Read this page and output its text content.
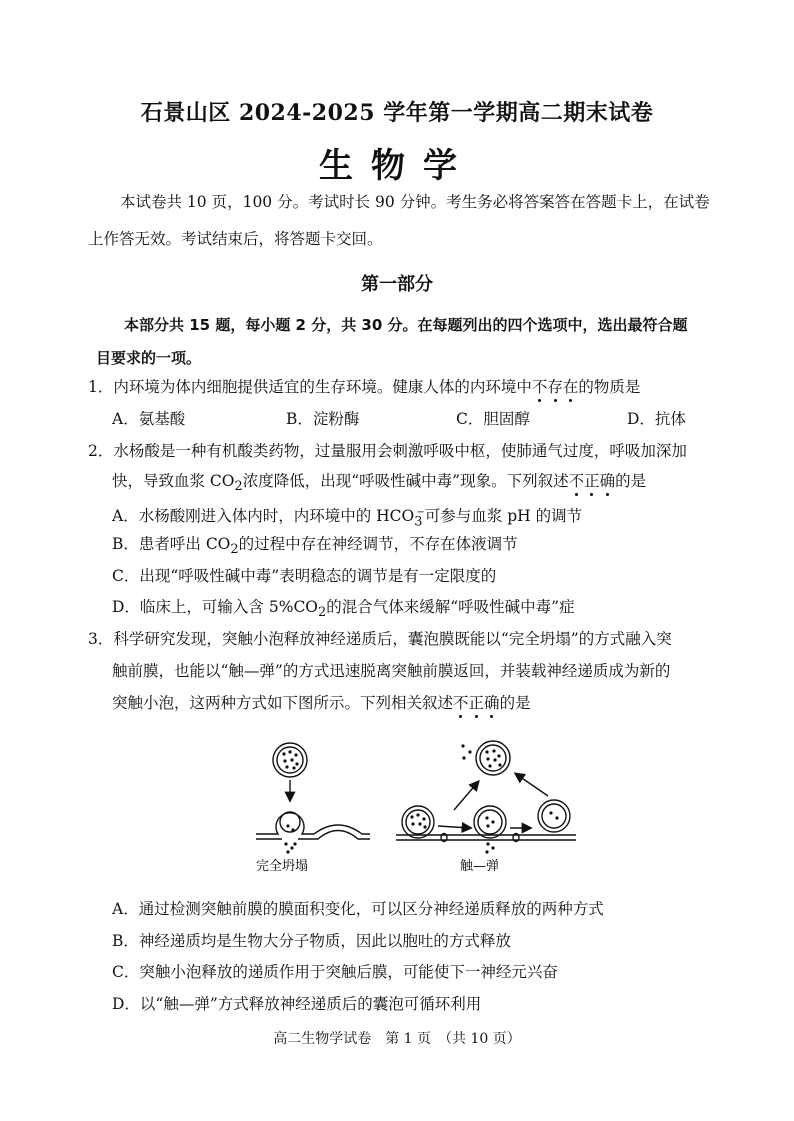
石景山区 2024-2025 学年第一学期高二期末试卷
生物学
本试卷共 10 页，100 分。考试时长 90 分钟。考生务必将答案答在答题卡上，在试卷
上作答无效。考试结束后，将答题卡交回。
第一部分
本部分共 15 题，每小题 2 分，共 30 分。在每题列出的四个选项中，选出最符合题
目要求的一项。
1．内环境为体内细胞提供适宜的生存环境。健康人体的内环境中不存在的物质是
A．氨基酸	B．淀粉酶	C．胆固醇	D．抗体
2．水杨酸是一种有机酸类药物，过量服用会刺激呼吸中枢，使肺通气过度，呼吸加深加
快，导致血浆 $CO_2$浓度降低，出现“呼吸性碱中毒”现象。下列叙述不正确的是
A．水杨酸刚进入体内时，内环境中的 $HCO_3^-$可参与血浆 pH 的调节
B．患者呼出 $CO_2$的过程中存在神经调节，不存在体液调节
C．出现“呼吸性碱中毒”表明稳态的调节是有一定限度的
D．临床上，可输入含 $5\%CO_2$的混合气体来缓解“呼吸性碱中毒”症
3．科学研究发现，突触小泡释放神经递质后，囊泡膜既能以“完全坍塌”的方式融入突
触前膜，也能以“触—弹”的方式迅速脱离突触前膜返回，并装载神经递质成为新的
突触小泡，这两种方式如下图所示。下列相关叙述不正确的是
完全坍塌	触—弹
A．通过检测突触前膜的膜面积变化，可以区分神经递质释放的两种方式
B．神经递质均是生物大分子物质，因此以胞吐的方式释放
C．突触小泡释放的递质作用于突触后膜，可能使下一神经元兴奋
D．以“触—弹”方式释放神经递质后的囊泡可循环利用
高二生物学试卷　第 1 页　（共 10 页）
